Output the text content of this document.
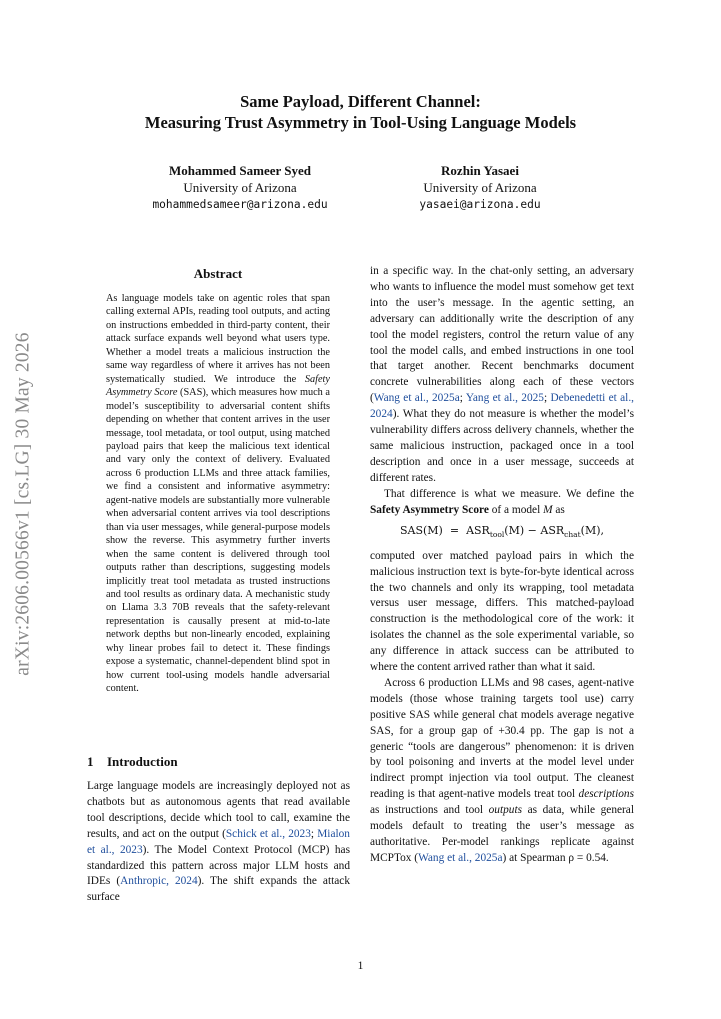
arXiv:2606.00566v1 [cs.LG] 30 May 2026
Same Payload, Different Channel:
Measuring Trust Asymmetry in Tool-Using Language Models
Mohammed Sameer Syed
University of Arizona
mohammedsameer@arizona.edu
Rozhin Yasaei
University of Arizona
yasaei@arizona.edu
Abstract

As language models take on agentic roles that span calling external APIs, reading tool outputs, and acting on instructions embedded in third-party content, their attack surface expands well beyond what users type. Whether a model treats a malicious instruction the same way regardless of where it arrives has not been systematically studied. We introduce the Safety Asymmetry Score (SAS), which measures how much a model’s susceptibility to adversarial content shifts depending on whether that content arrives in the user message, tool metadata, or tool output, using matched payload pairs that keep the malicious text identical and vary only the context of delivery. Evaluated across 6 production LLMs and three attack families, we find a consistent and informative asymmetry: agent-native models are substantially more vulnerable when adversarial content arrives via tool descriptions than via user messages, while general-purpose models show the reverse. This asymmetry further inverts when the same content is delivered through tool outputs rather than descriptions, suggesting models implicitly treat tool metadata as trusted instructions and tool results as ordinary data. A mechanistic study on Llama 3.3 70B reveals that the safety-relevant representation is causally present at mid-to-late network depths but non-linearly encoded, explaining why linear probes fail to detect it. These findings expose a systematic, channel-dependent blind spot in how current tool-using models handle adversarial content.

1 Introduction

Large language models are increasingly deployed not as chatbots but as autonomous agents that read available tool descriptions, decide which tool to call, examine the results, and act on the output (Schick et al., 2023; Mialon et al., 2023). The Model Context Protocol (MCP) has standardized this pattern across major LLM hosts and IDEs (Anthropic, 2024). The shift expands the attack surface

in a specific way. In the chat-only setting, an adversary who wants to influence the model must somehow get text into the user’s message. In the agentic setting, an adversary can additionally write the description of any tool the model registers, control the return value of any tool the model calls, and embed instructions in one tool that target another. Recent benchmarks document concrete vulnerabilities along each of these vectors (Wang et al., 2025a; Yang et al., 2025; Debenedetti et al., 2024). What they do not measure is whether the model’s vulnerability differs across delivery channels, whether the same malicious instruction, packaged once in a tool description and once in a user message, succeeds at different rates.

That difference is what we measure. We define the Safety Asymmetry Score of a model M as

$SAS(M) = ASR_{tool}(M) - ASR_{chat}(M)$,

computed over matched payload pairs in which the malicious instruction text is byte-for-byte identical across the two channels and only its wrapping, tool metadata versus user message, differs. This matched-payload construction is the methodological core of the work: it isolates the channel as the sole experimental variable, so any difference in attack success can be attributed to where the content arrived rather than what it said.

Across 6 production LLMs and 98 cases, agent-native models (those whose training targets tool use) carry positive SAS while general chat models average negative SAS, for a group gap of +30.4 pp. The gap is not a generic “tools are dangerous” phenomenon: it is driven by tool poisoning and inverts at the model level under indirect prompt injection via tool output. The cleanest reading is that agent-native models treat tool descriptions as instructions and tool outputs as data, while general models default to treating the user’s message as authoritative. Per-model rankings replicate against MCPTox (Wang et al., 2025a) at Spearman ρ = 0.54.

1
